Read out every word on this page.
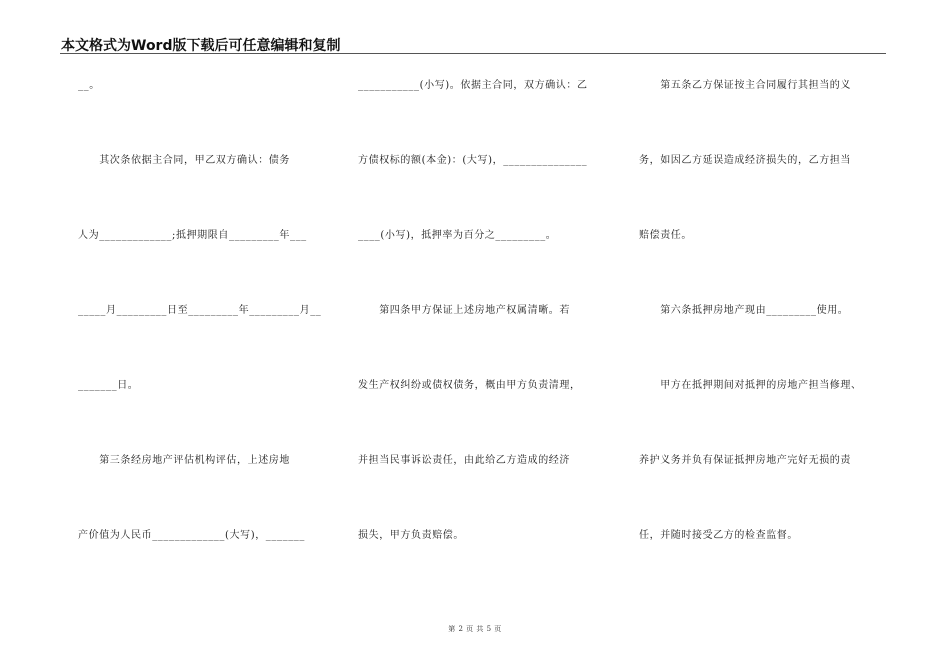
本文格式为Word版下载后可任意编辑和复制
__。
　　其次条依据主合同，甲乙双方确认：债务
人为_____________;抵押期限自_________年___
_____月_________日至_________年_________月__
_______日。
　　第三条经房地产评估机构评估，上述房地
产价值为人民币_____________(大写)，_______
___________(小写)。依据主合同，双方确认：乙
方债权标的额(本金)：(大写)，_______________
____(小写)，抵押率为百分之_________。
　　第四条甲方保证上述房地产权属清晰。若
发生产权纠纷或债权债务，概由甲方负责清理，
并担当民事诉讼责任，由此给乙方造成的经济
损失，甲方负责赔偿。
　　第五条乙方保证按主合同履行其担当的义
务，如因乙方延误造成经济损失的，乙方担当
赔偿责任。
　　第六条抵押房地产现由_________使用。
　　甲方在抵押期间对抵押的房地产担当修理、
养护义务并负有保证抵押房地产完好无损的责
任，并随时接受乙方的检查监督。
第 2 页 共 5 页
